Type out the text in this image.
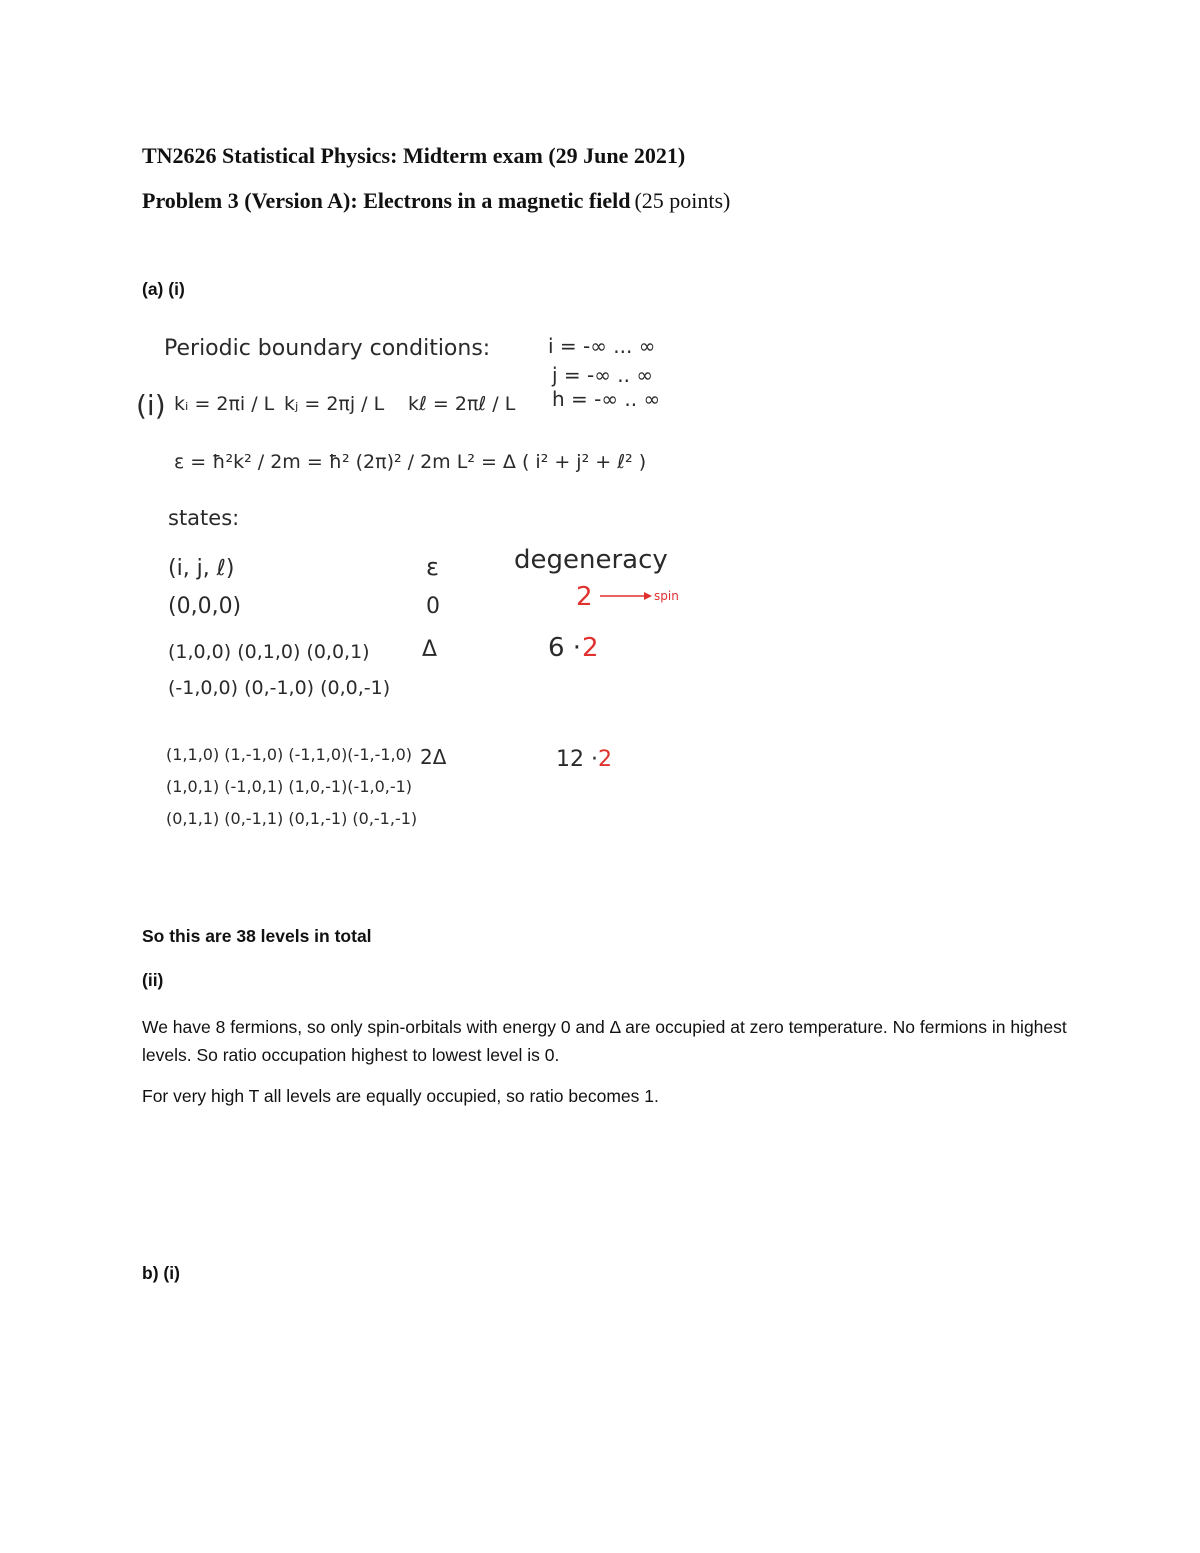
TN2626 Statistical Physics: Midterm exam (29 June 2021)
Problem 3 (Version A): Electrons in a magnetic field (25 points)
(a) (i)
Periodic boundary conditions:	i = -∞ ... ∞
j = -∞ .. ∞
h = -∞ .. ∞
(i) kᵢ = 2πi / L kⱼ = 2πj / L kℓ = 2πℓ / L
ε = ħ²k² / 2m = ħ² (2π)² / 2m L² = Δ ( i² + j² + ℓ² )
states:
(i, j, ℓ)	ε	degeneracy
(0,0,0)	0	2	spin
(1,0,0) (0,1,0) (0,0,1)
(-1,0,0) (0,-1,0) (0,0,-1)
Δ	6 · 2
(1,1,0) (1,-1,0) (-1,1,0)(-1,-1,0)
(1,0,1) (-1,0,1) (1,0,-1)(-1,0,-1)
(0,1,1) (0,-1,1) (0,1,-1) (0,-1,-1)
2Δ	12 · 2
So this are 38 levels in total
(ii)
We have 8 fermions, so only spin-orbitals with energy 0 and Δ are occupied at zero temperature. No fermions in highest levels. So ratio occupation highest to lowest level is 0.
For very high T all levels are equally occupied, so ratio becomes 1.
b) (i)
